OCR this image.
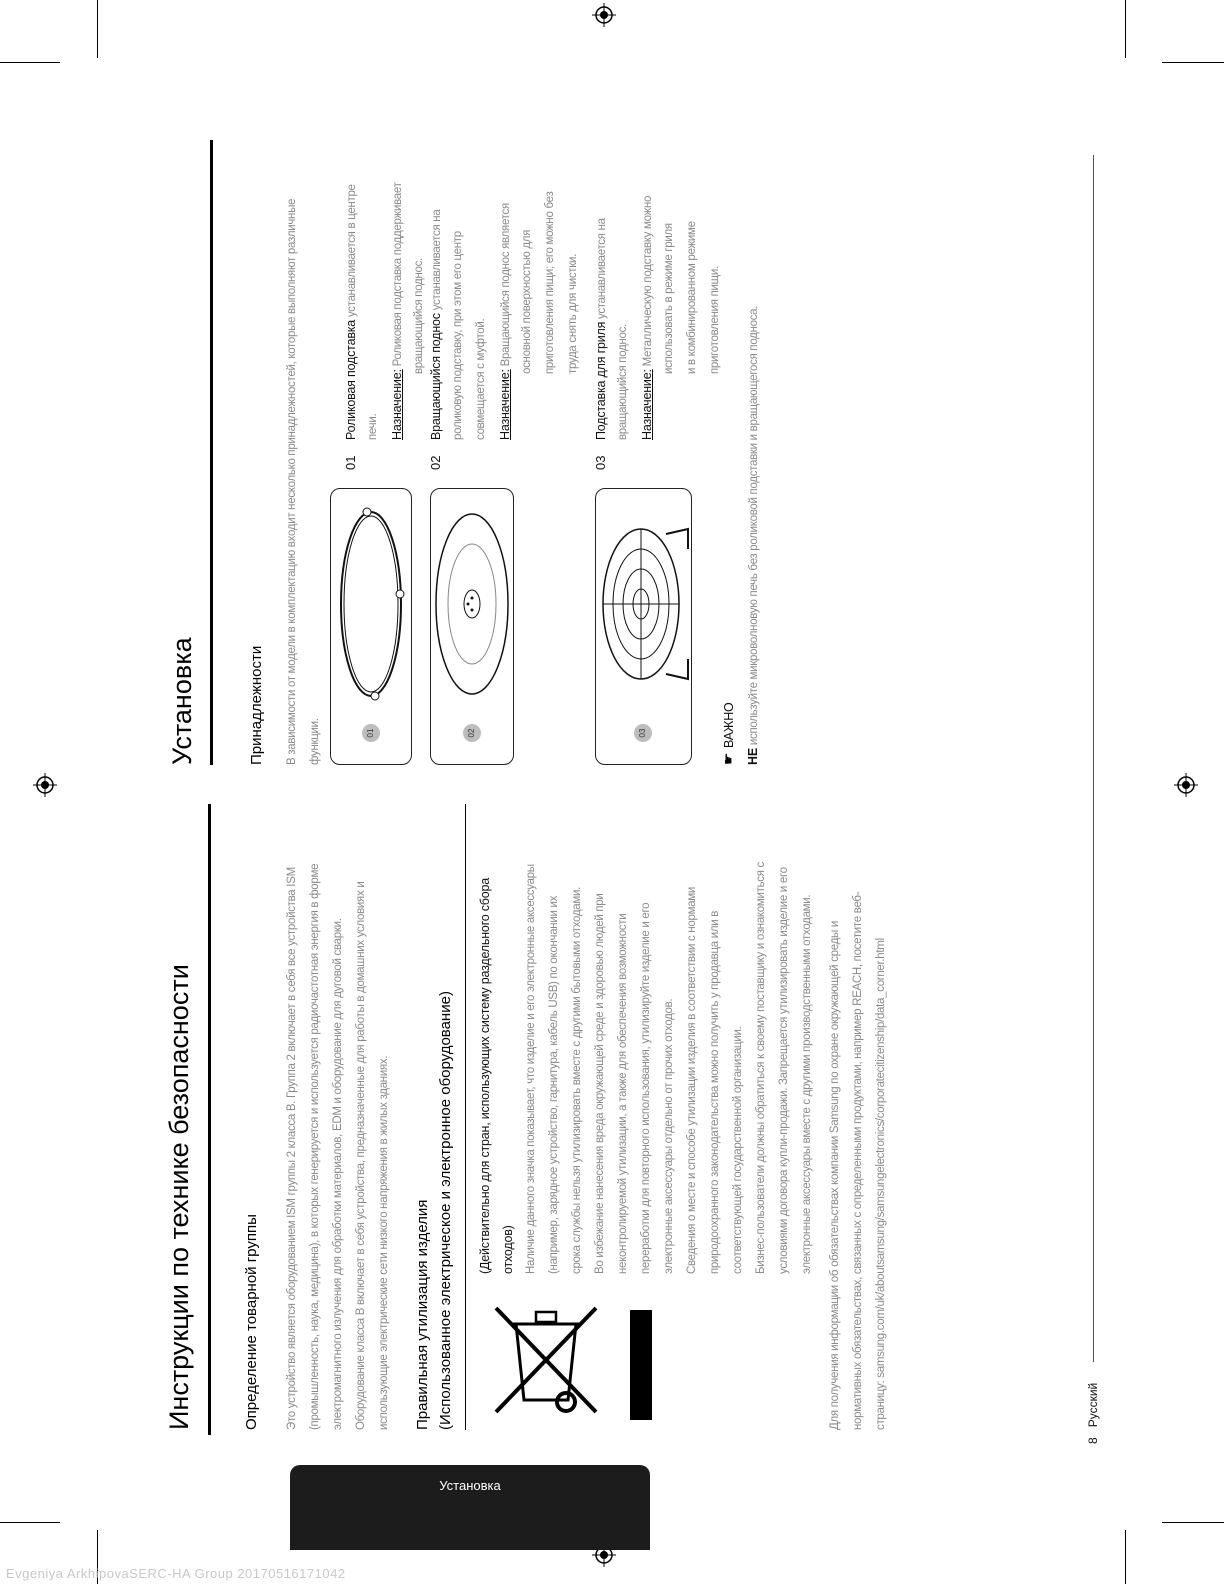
Установка
Evgeniya ArkhipovaSERC-HA Group 20170516171042
Инструкции по технике безопасности	Определение товарной группы	Это устройство является оборудованием ISM группы 2 класса B. Группа 2 включает в себя все устройства ISM (промышленность, наука, медицина), в которых генерируется и используется радиочастотная энергия в форме электромагнитного излучения для обработки материалов, EDM и оборудование для дуговой сварки. Оборудование класса B включает в себя устройства, предназначенные для работы в домашних условиях и использующие электрические сети низкого напряжения в жилых зданиях.	Правильная утилизация изделия (Использованное электрическое и электронное оборудование)	(Действительно для стран, использующих систему раздельного сбора отходов) Наличие данного значка показывает, что изделие и его электронные аксессуары (например, зарядное устройство, гарнитура, кабель USB) по окончании их срока службы нельзя утилизировать вместе с другими бытовыми отходами. Во избежание нанесения вреда окружающей среде и здоровью людей при неконтролируемой утилизации, а также для обеспечения возможности переработки для повторного использования, утилизируйте изделие и его электронные аксессуары отдельно от прочих отходов. Сведения о месте и способе утилизации изделия в соответствии с нормами природоохранного законодательства можно получить у продавца или в соответствующей государственной организации. Бизнес-пользователи должны обратиться к своему поставщику и ознакомиться с условиями договора купли-продажи. Запрещается утилизировать изделие и его электронные аксессуары вместе с другими производственными отходами.	Для получения информации об обязательствах компании Samsung по охране окружающей среды и нормативных обязательствах, связанных с определенными продуктами, например REACH, посетите веб- страницу: samsung.com/uk/aboutsamsung/samsungelectronics/corporatecitizenship/data_corner.html
Установка	Принадлежности	В зависимости от модели в комплектацию входит несколько принадлежностей, которые выполняют различные функции.	01	02	03
01
Роликовая подставка устанавливается в центре
печи. Назначение: Роликовая подставка поддерживает вращающийся поднос.
02
Вращающийся поднос устанавливается на роликовую подставку, при этом его центр совмещается с муфтой. Назначение: Вращающийся поднос является основной поверхностью для приготовления пищи; его можно без труда снять для чистки.
03
Подставка для гриля устанавливается на
вращающийся поднос. Назначение: Металлическую подставку можно использовать в режиме гриля и в комбинированном режиме приготовления пищи.
☛ ВАЖНО
НЕ используйте микроволновую печь без роликовой подставки и вращающегося подноса.
8   Русский
